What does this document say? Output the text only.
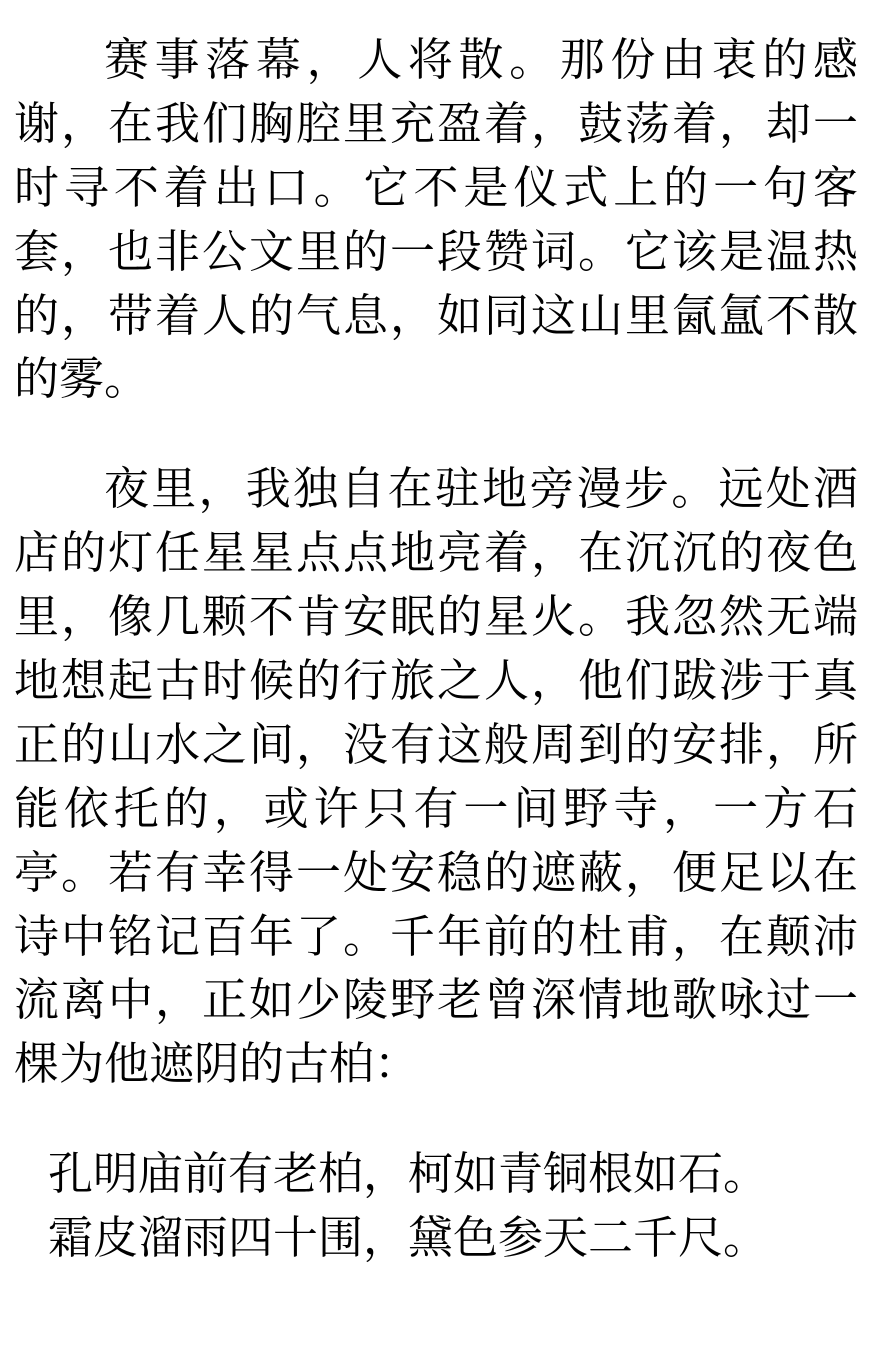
赛事落幕，人将散。那份由衷的感谢，在我们胸腔里充盈着，鼓荡着，却一时寻不着出口。它不是仪式上的一句客套，也非公文里的一段赞词。它该是温热的，带着人的气息，如同这山里氤氲不散的雾。

夜里，我独自在驻地旁漫步。远处酒店的灯任星星点点地亮着，在沉沉的夜色里，像几颗不肯安眠的星火。我忽然无端地想起古时候的行旅之人，他们跋涉于真正的山水之间，没有这般周到的安排，所能依托的，或许只有一间野寺，一方石亭。若有幸得一处安稳的遮蔽，便足以在诗中铭记百年了。千年前的杜甫，在颠沛流离中，正如少陵野老曾深情地歌咏过一棵为他遮阴的古柏：

孔明庙前有老柏，柯如青铜根如石。

霜皮溜雨四十围，黛色参天二千尺。
